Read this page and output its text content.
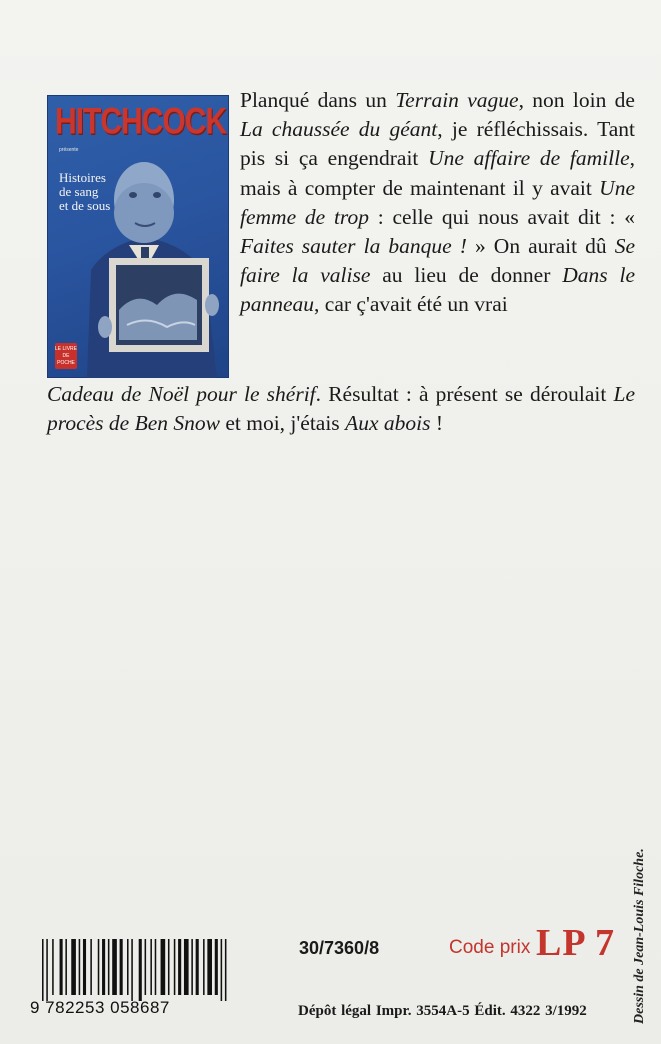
HITCHCOCK
présente
Histoires
de sang
et de sous
LE LIVRE DE POCHE
Planqué dans un Terrain vague, non loin de La chaussée du géant, je réfléchissais. Tant pis si ça engendrait Une affaire de famille, mais à compter de maintenant il y avait Une femme de trop : celle qui nous avait dit : « Faites sauter la banque ! » On aurait dû Se faire la valise au lieu de donner Dans le panneau, car ç'avait été un vrai
Cadeau de Noël pour le shérif. Résultat : à présent se déroulait Le procès de Ben Snow et moi, j'étais Aux abois !
9 782253 058687
30/7360/8	Code prix LP 7
Dépôt légal Impr. 3554A-5 Édit. 4322 3/1992	Dessin de Jean-Louis Filoche.
